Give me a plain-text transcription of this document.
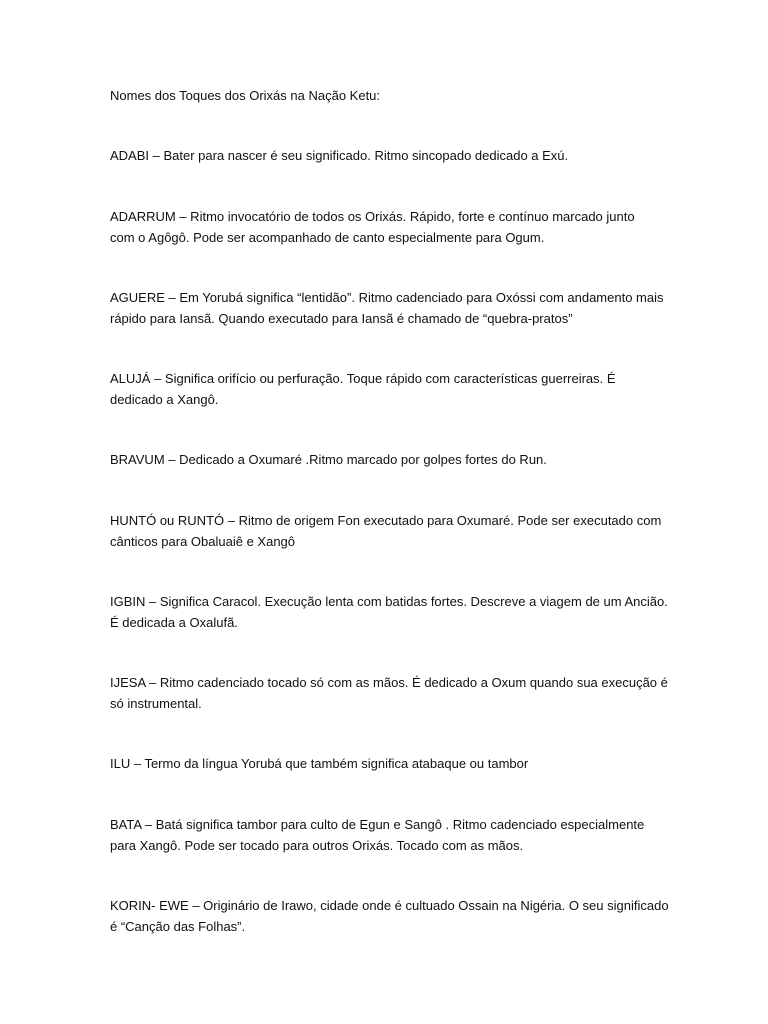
Nomes dos Toques dos Orixás na Nação Ketu:

ADABI – Bater para nascer é seu significado. Ritmo sincopado dedicado a Exú.

ADARRUM – Ritmo invocatório de todos os Orixás. Rápido, forte e contínuo marcado junto
com o Agôgô. Pode ser acompanhado de canto especialmente para Ogum.

AGUERE – Em Yorubá significa “lentidão”. Ritmo cadenciado para Oxóssi com andamento mais
rápido para Iansã. Quando executado para Iansã é chamado de “quebra-pratos”

ALUJÁ – Significa orifício ou perfuração. Toque rápido com características guerreiras. É
dedicado a Xangô.

BRAVUM – Dedicado a Oxumaré .Ritmo marcado por golpes fortes do Run.

HUNTÓ ou RUNTÓ – Ritmo de origem Fon executado para Oxumaré. Pode ser executado com
cânticos para Obaluaiê e Xangô

IGBIN – Significa Caracol. Execução lenta com batidas fortes. Descreve a viagem de um Ancião.
É dedicada a Oxalufã.

IJESA – Ritmo cadenciado tocado só com as mãos. É dedicado a Oxum quando sua execução é
só instrumental.

ILU – Termo da língua Yorubá que também significa atabaque ou tambor

BATA – Batá significa tambor para culto de Egun e Sangô . Ritmo cadenciado especialmente
para Xangô. Pode ser tocado para outros Orixás. Tocado com as mãos.

KORIN- EWE – Originário de Irawo, cidade onde é cultuado Ossain na Nigéria. O seu significado
é “Canção das Folhas”.
